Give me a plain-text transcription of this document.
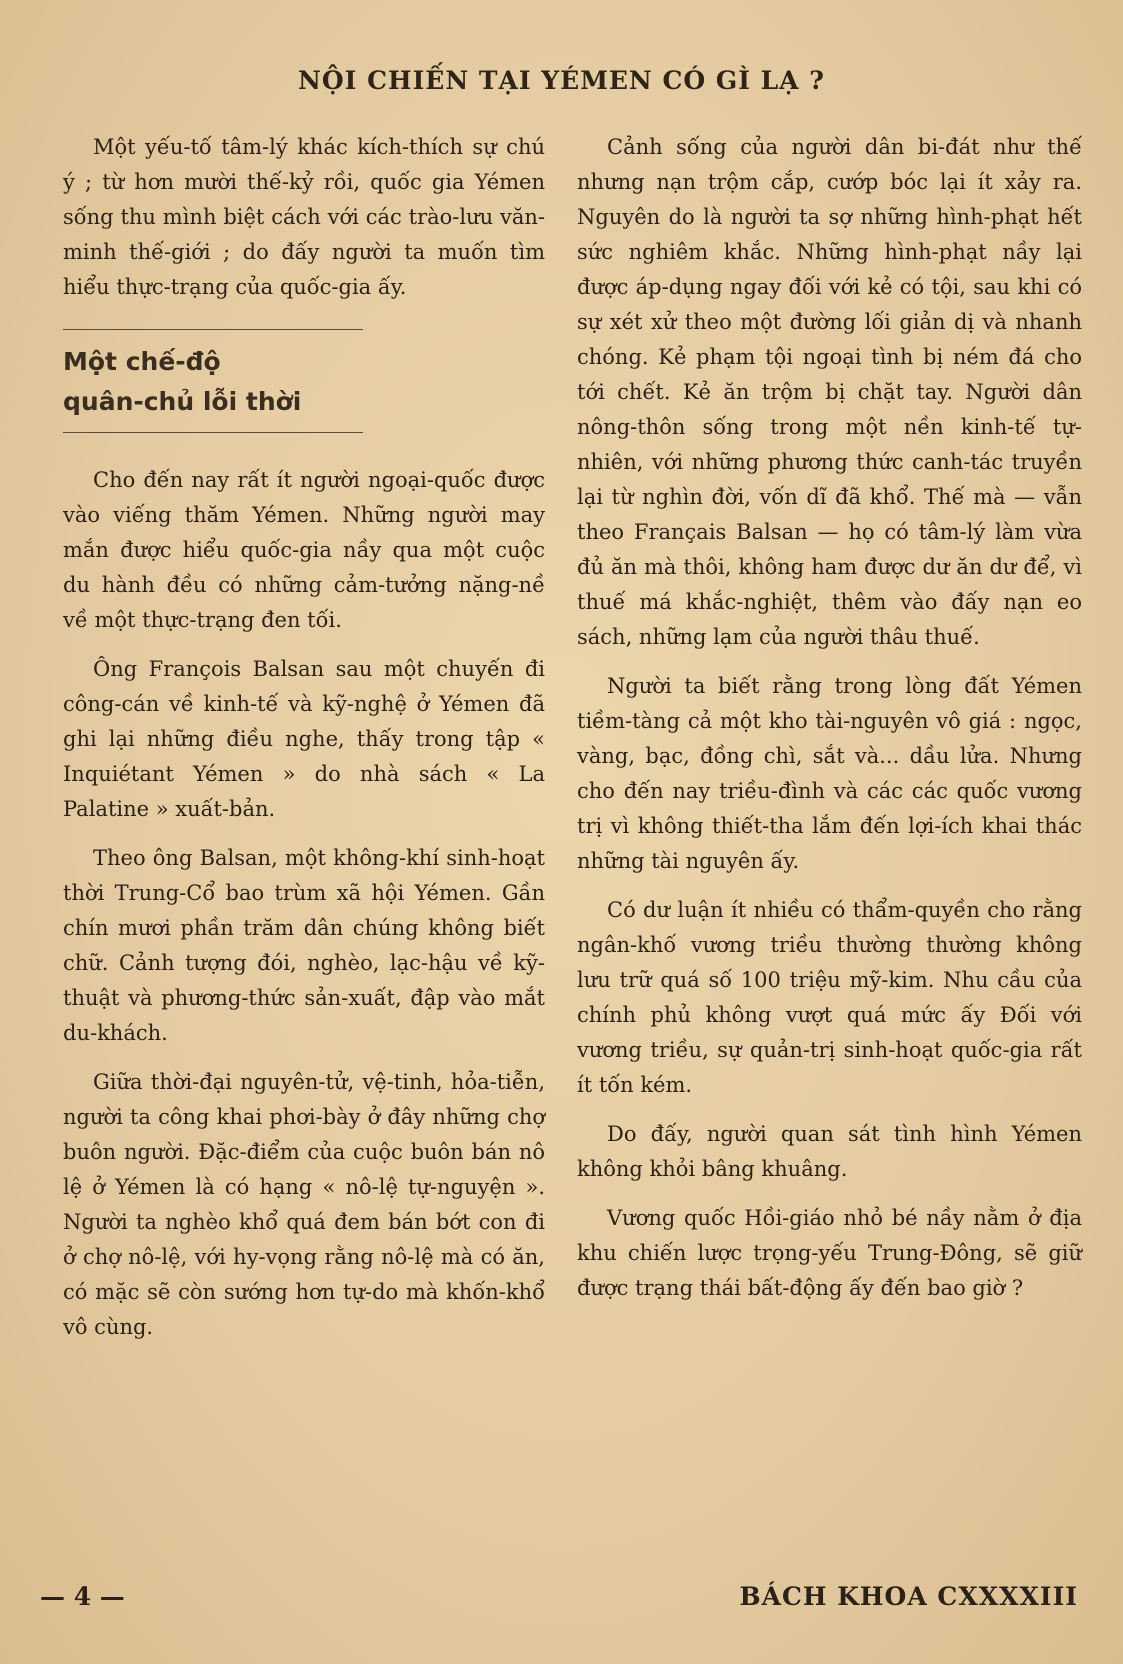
NỘI CHIẾN TẠI YÉMEN CÓ GÌ LẠ ?

Một yếu-tố tâm-lý khác kích-thích sự chú ý ; từ hơn mười thế-kỷ rồi, quốc gia Yémen sống thu mình biệt cách với các trào-lưu văn-minh thế-giới ; do đấy người ta muốn tìm hiểu thực-trạng của quốc-gia ấy.

Một chế-độ
quân-chủ lỗi thời

Cho đến nay rất ít người ngoại-quốc được vào viếng thăm Yémen. Những người may mắn được hiểu quốc-gia nầy qua một cuộc du hành đều có những cảm-tưởng nặng-nề về một thực-trạng đen tối.

Ông François Balsan sau một chuyến đi công-cán về kinh-tế và kỹ-nghệ ở Yémen đã ghi lại những điều nghe, thấy trong tập « Inquiétant Yémen » do nhà sách « La Palatine » xuất-bản.

Theo ông Balsan, một không-khí sinh-hoạt thời Trung-Cổ bao trùm xã hội Yémen. Gần chín mươi phần trăm dân chúng không biết chữ. Cảnh tượng đói, nghèo, lạc-hậu về kỹ-thuật và phương-thức sản-xuất, đập vào mắt du-khách.

Giữa thời-đại nguyên-tử, vệ-tinh, hỏa-tiễn, người ta công khai phơi-bày ở đây những chợ buôn người. Đặc-điểm của cuộc buôn bán nô lệ ở Yémen là có hạng « nô-lệ tự-nguyện ». Người ta nghèo khổ quá đem bán bớt con đi ở chợ nô-lệ, với hy-vọng rằng nô-lệ mà có ăn, có mặc sẽ còn sướng hơn tự-do mà khốn-khổ vô cùng.

Cảnh sống của người dân bi-đát như thế nhưng nạn trộm cắp, cướp bóc lại ít xảy ra. Nguyên do là người ta sợ những hình-phạt hết sức nghiêm khắc. Những hình-phạt nầy lại được áp-dụng ngay đối với kẻ có tội, sau khi có sự xét xử theo một đường lối giản dị và nhanh chóng. Kẻ phạm tội ngoại tình bị ném đá cho tới chết. Kẻ ăn trộm bị chặt tay. Người dân nông-thôn sống trong một nền kinh-tế tự-nhiên, với những phương thức canh-tác truyền lại từ nghìn đời, vốn dĩ đã khổ. Thế mà — vẫn theo Français Balsan — họ có tâm-lý làm vừa đủ ăn mà thôi, không ham được dư ăn dư để, vì thuế má khắc-nghiệt, thêm vào đấy nạn eo sách, những lạm của người thâu thuế.

Người ta biết rằng trong lòng đất Yémen tiềm-tàng cả một kho tài-nguyên vô giá : ngọc, vàng, bạc, đồng chì, sắt và... dầu lửa. Nhưng cho đến nay triều-đình và các các quốc vương trị vì không thiết-tha lắm đến lợi-ích khai thác những tài nguyên ấy.

Có dư luận ít nhiều có thẩm-quyền cho rằng ngân-khố vương triều thường thường không lưu trữ quá số 100 triệu mỹ-kim. Nhu cầu của chính phủ không vượt quá mức ấy Đối với vương triều, sự quản-trị sinh-hoạt quốc-gia rất ít tốn kém.

Do đấy, người quan sát tình hình Yémen không khỏi bâng khuâng.

Vương quốc Hồi-giáo nhỏ bé nầy nằm ở địa khu chiến lược trọng-yếu Trung-Đông, sẽ giữ được trạng thái bất-động ấy đến bao giờ ?

— 4 —	BÁCH KHOA CXXXXIII
